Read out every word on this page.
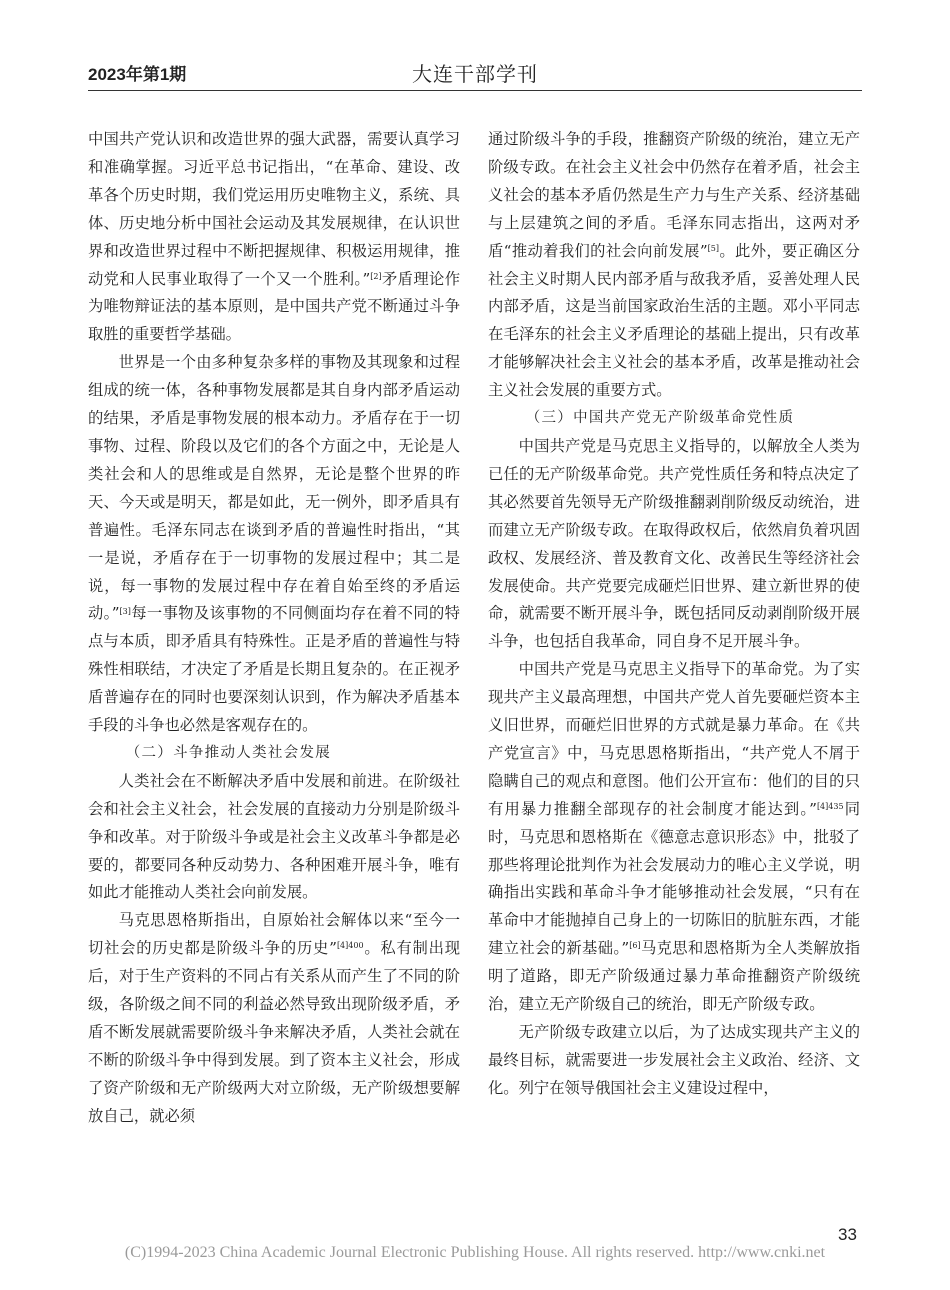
2023年第1期	大连干部学刊

中国共产党认识和改造世界的强大武器，需要认真学习和准确掌握。习近平总书记指出，“在革命、建设、改革各个历史时期，我们党运用历史唯物主义，系统、具体、历史地分析中国社会运动及其发展规律，在认识世界和改造世界过程中不断把握规律、积极运用规律，推动党和人民事业取得了一个又一个胜利。”[2]矛盾理论作为唯物辩证法的基本原则，是中国共产党不断通过斗争取胜的重要哲学基础。

世界是一个由多种复杂多样的事物及其现象和过程组成的统一体，各种事物发展都是其自身内部矛盾运动的结果，矛盾是事物发展的根本动力。矛盾存在于一切事物、过程、阶段以及它们的各个方面之中，无论是人类社会和人的思维或是自然界，无论是整个世界的昨天、今天或是明天，都是如此，无一例外，即矛盾具有普遍性。毛泽东同志在谈到矛盾的普遍性时指出，“其一是说，矛盾存在于一切事物的发展过程中；其二是说，每一事物的发展过程中存在着自始至终的矛盾运动。”[3]每一事物及该事物的不同侧面均存在着不同的特点与本质，即矛盾具有特殊性。正是矛盾的普遍性与特殊性相联结，才决定了矛盾是长期且复杂的。在正视矛盾普遍存在的同时也要深刻认识到，作为解决矛盾基本手段的斗争也必然是客观存在的。

（二）斗争推动人类社会发展

人类社会在不断解决矛盾中发展和前进。在阶级社会和社会主义社会，社会发展的直接动力分别是阶级斗争和改革。对于阶级斗争或是社会主义改革斗争都是必要的，都要同各种反动势力、各种困难开展斗争，唯有如此才能推动人类社会向前发展。

马克思恩格斯指出，自原始社会解体以来“至今一切社会的历史都是阶级斗争的历史”$^{[4]400}$。私有制出现后，对于生产资料的不同占有关系从而产生了不同的阶级，各阶级之间不同的利益必然导致出现阶级矛盾，矛盾不断发展就需要阶级斗争来解决矛盾，人类社会就在不断的阶级斗争中得到发展。到了资本主义社会，形成了资产阶级和无产阶级两大对立阶级，无产阶级想要解放自己，就必须

通过阶级斗争的手段，推翻资产阶级的统治，建立无产阶级专政。在社会主义社会中仍然存在着矛盾，社会主义社会的基本矛盾仍然是生产力与生产关系、经济基础与上层建筑之间的矛盾。毛泽东同志指出，这两对矛盾“推动着我们的社会向前发展”[5]。此外，要正确区分社会主义时期人民内部矛盾与敌我矛盾，妥善处理人民内部矛盾，这是当前国家政治生活的主题。邓小平同志在毛泽东的社会主义矛盾理论的基础上提出，只有改革才能够解决社会主义社会的基本矛盾，改革是推动社会主义社会发展的重要方式。

（三）中国共产党无产阶级革命党性质

中国共产党是马克思主义指导的，以解放全人类为已任的无产阶级革命党。共产党性质任务和特点决定了其必然要首先领导无产阶级推翻剥削阶级反动统治，进而建立无产阶级专政。在取得政权后，依然肩负着巩固政权、发展经济、普及教育文化、改善民生等经济社会发展使命。共产党要完成砸烂旧世界、建立新世界的使命，就需要不断开展斗争，既包括同反动剥削阶级开展斗争，也包括自我革命，同自身不足开展斗争。

中国共产党是马克思主义指导下的革命党。为了实现共产主义最高理想，中国共产党人首先要砸烂资本主义旧世界，而砸烂旧世界的方式就是暴力革命。在《共产党宣言》中，马克思恩格斯指出，“共产党人不屑于隐瞒自己的观点和意图。他们公开宣布：他们的目的只有用暴力推翻全部现存的社会制度才能达到。”$^{[4]435}$同时，马克思和恩格斯在《德意志意识形态》中，批驳了那些将理论批判作为社会发展动力的唯心主义学说，明确指出实践和革命斗争才能够推动社会发展，“只有在革命中才能抛掉自己身上的一切陈旧的肮脏东西，才能建立社会的新基础。”[6]马克思和恩格斯为全人类解放指明了道路，即无产阶级通过暴力革命推翻资产阶级统治，建立无产阶级自己的统治，即无产阶级专政。

无产阶级专政建立以后，为了达成实现共产主义的最终目标，就需要进一步发展社会主义政治、经济、文化。列宁在领导俄国社会主义建设过程中，

33
(C)1994-2023 China Academic Journal Electronic Publishing House. All rights reserved. http://www.cnki.net
